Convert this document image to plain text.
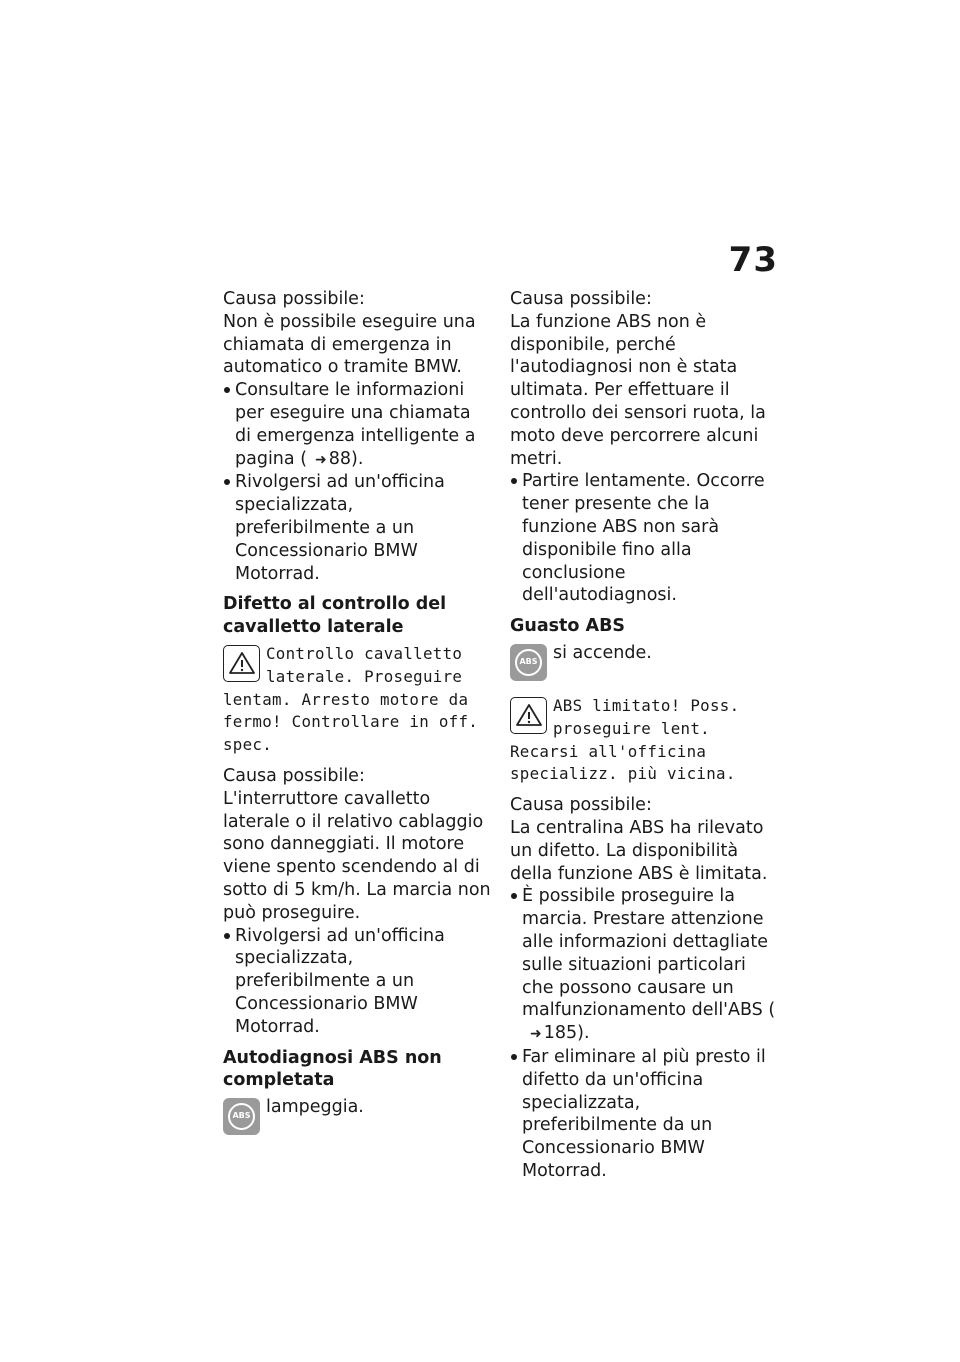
73

Causa possibile:

Non è possibile eseguire una chiamata di emergenza in automatico o tramite BMW.

Consultare le informazioni per eseguire una chiamata di emergenza intelligente a pagina ( ➜ 88).
Rivolgersi ad un'officina specializzata, preferibilmente a un Concessionario BMW Motorrad.
Difetto al controllo del cavalletto laterale

Controllo cavalletto laterale. Proseguire lentam. Arresto motore da fermo! Controllare in off. spec.

Causa possibile:

L'interruttore cavalletto laterale o il relativo cablaggio sono danneggiati. Il motore viene spento scendendo al di sotto di 5 km/h. La marcia non può proseguire.

Rivolgersi ad un'officina specializzata, preferibilmente a un Concessionario BMW Motorrad.
Autodiagnosi ABS non completata
ABS lampeggia.

Causa possibile:

La funzione ABS non è disponibile, perché l'autodiagnosi non è stata ultimata. Per effettuare il controllo dei sensori ruota, la moto deve percorrere alcuni metri.

Partire lentamente. Occorre tener presente che la funzione ABS non sarà disponibile fino alla conclusione dell'autodiagnosi.
Guasto ABS
ABS si accende.

ABS limitato! Poss. proseguire lent. Recarsi all'officina specializz. più vicina.

Causa possibile:

La centralina ABS ha rilevato un difetto. La disponibilità della funzione ABS è limitata.

È possibile proseguire la marcia. Prestare attenzione alle informazioni dettagliate sulle situazioni particolari che possono causare un malfunzionamento dell'ABS (➜ 185).
Far eliminare al più presto il difetto da un'officina specializzata, preferibilmente da un Concessionario BMW Motorrad.
